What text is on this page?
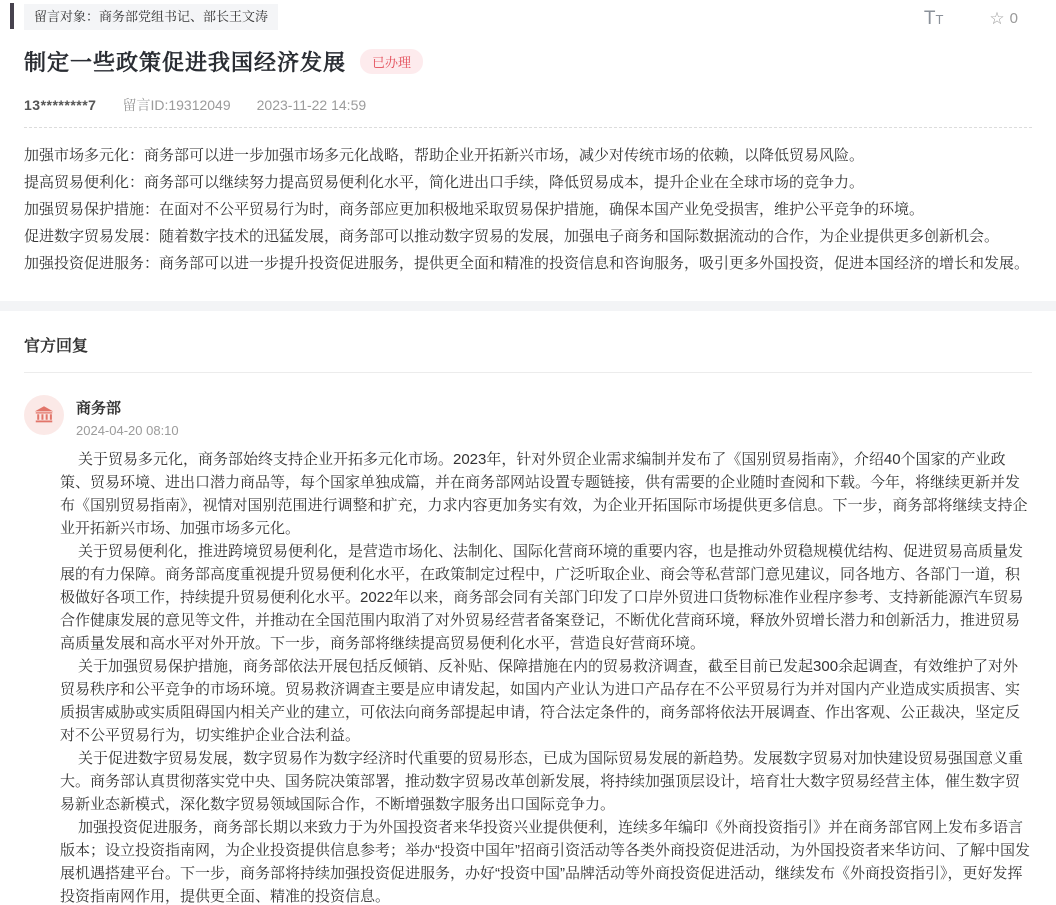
留言对象：商务部党组书记、部长王文涛	TT	☆ 0
制定一些政策促进我国经济发展	已办理
13********7 留言ID:19312049 2023-11-22 14:59

加强市场多元化：商务部可以进一步加强市场多元化战略，帮助企业开拓新兴市场，减少对传统市场的依赖，以降低贸易风险。

提高贸易便利化：商务部可以继续努力提高贸易便利化水平，简化进出口手续，降低贸易成本，提升企业在全球市场的竞争力。

加强贸易保护措施：在面对不公平贸易行为时，商务部应更加积极地采取贸易保护措施，确保本国产业免受损害，维护公平竞争的环境。

促进数字贸易发展：随着数字技术的迅猛发展，商务部可以推动数字贸易的发展，加强电子商务和国际数据流动的合作，为企业提供更多创新机会。

加强投资促进服务：商务部可以进一步提升投资促进服务，提供更全面和精准的投资信息和咨询服务，吸引更多外国投资，促进本国经济的增长和发展。

官方回复
商务部
2024-04-20 08:10

关于贸易多元化，商务部始终支持企业开拓多元化市场。2023年，针对外贸企业需求编制并发布了《国别贸易指南》，介绍40个国家的产业政策、贸易环境、进出口潜力商品等，每个国家单独成篇，并在商务部网站设置专题链接，供有需要的企业随时查阅和下载。今年，将继续更新并发布《国别贸易指南》，视情对国别范围进行调整和扩充，力求内容更加务实有效，为企业开拓国际市场提供更多信息。下一步，商务部将继续支持企业开拓新兴市场、加强市场多元化。

关于贸易便利化，推进跨境贸易便利化，是营造市场化、法制化、国际化营商环境的重要内容，也是推动外贸稳规模优结构、促进贸易高质量发展的有力保障。商务部高度重视提升贸易便利化水平，在政策制定过程中，广泛听取企业、商会等私营部门意见建议，同各地方、各部门一道，积极做好各项工作，持续提升贸易便利化水平。2022年以来，商务部会同有关部门印发了口岸外贸进口货物标准作业程序参考、支持新能源汽车贸易合作健康发展的意见等文件，并推动在全国范围内取消了对外贸易经营者备案登记，不断优化营商环境，释放外贸增长潜力和创新活力，推进贸易高质量发展和高水平对外开放。下一步，商务部将继续提高贸易便利化水平，营造良好营商环境。

关于加强贸易保护措施，商务部依法开展包括反倾销、反补贴、保障措施在内的贸易救济调查，截至目前已发起300余起调查，有效维护了对外贸易秩序和公平竞争的市场环境。贸易救济调查主要是应申请发起，如国内产业认为进口产品存在不公平贸易行为并对国内产业造成实质损害、实质损害威胁或实质阻碍国内相关产业的建立，可依法向商务部提起申请，符合法定条件的，商务部将依法开展调查、作出客观、公正裁决，坚定反对不公平贸易行为，切实维护企业合法利益。

关于促进数字贸易发展，数字贸易作为数字经济时代重要的贸易形态，已成为国际贸易发展的新趋势。发展数字贸易对加快建设贸易强国意义重大。商务部认真贯彻落实党中央、国务院决策部署，推动数字贸易改革创新发展，将持续加强顶层设计，培育壮大数字贸易经营主体，催生数字贸易新业态新模式，深化数字贸易领域国际合作，不断增强数字服务出口国际竞争力。

加强投资促进服务，商务部长期以来致力于为外国投资者来华投资兴业提供便利，连续多年编印《外商投资指引》并在商务部官网上发布多语言版本；设立投资指南网，为企业投资提供信息参考；举办“投资中国年”招商引资活动等各类外商投资促进活动，为外国投资者来华访问、了解中国发展机遇搭建平台。下一步，商务部将持续加强投资促进服务，办好“投资中国”品牌活动等外商投资促进活动，继续发布《外商投资指引》，更好发挥投资指南网作用，提供更全面、精准的投资信息。
